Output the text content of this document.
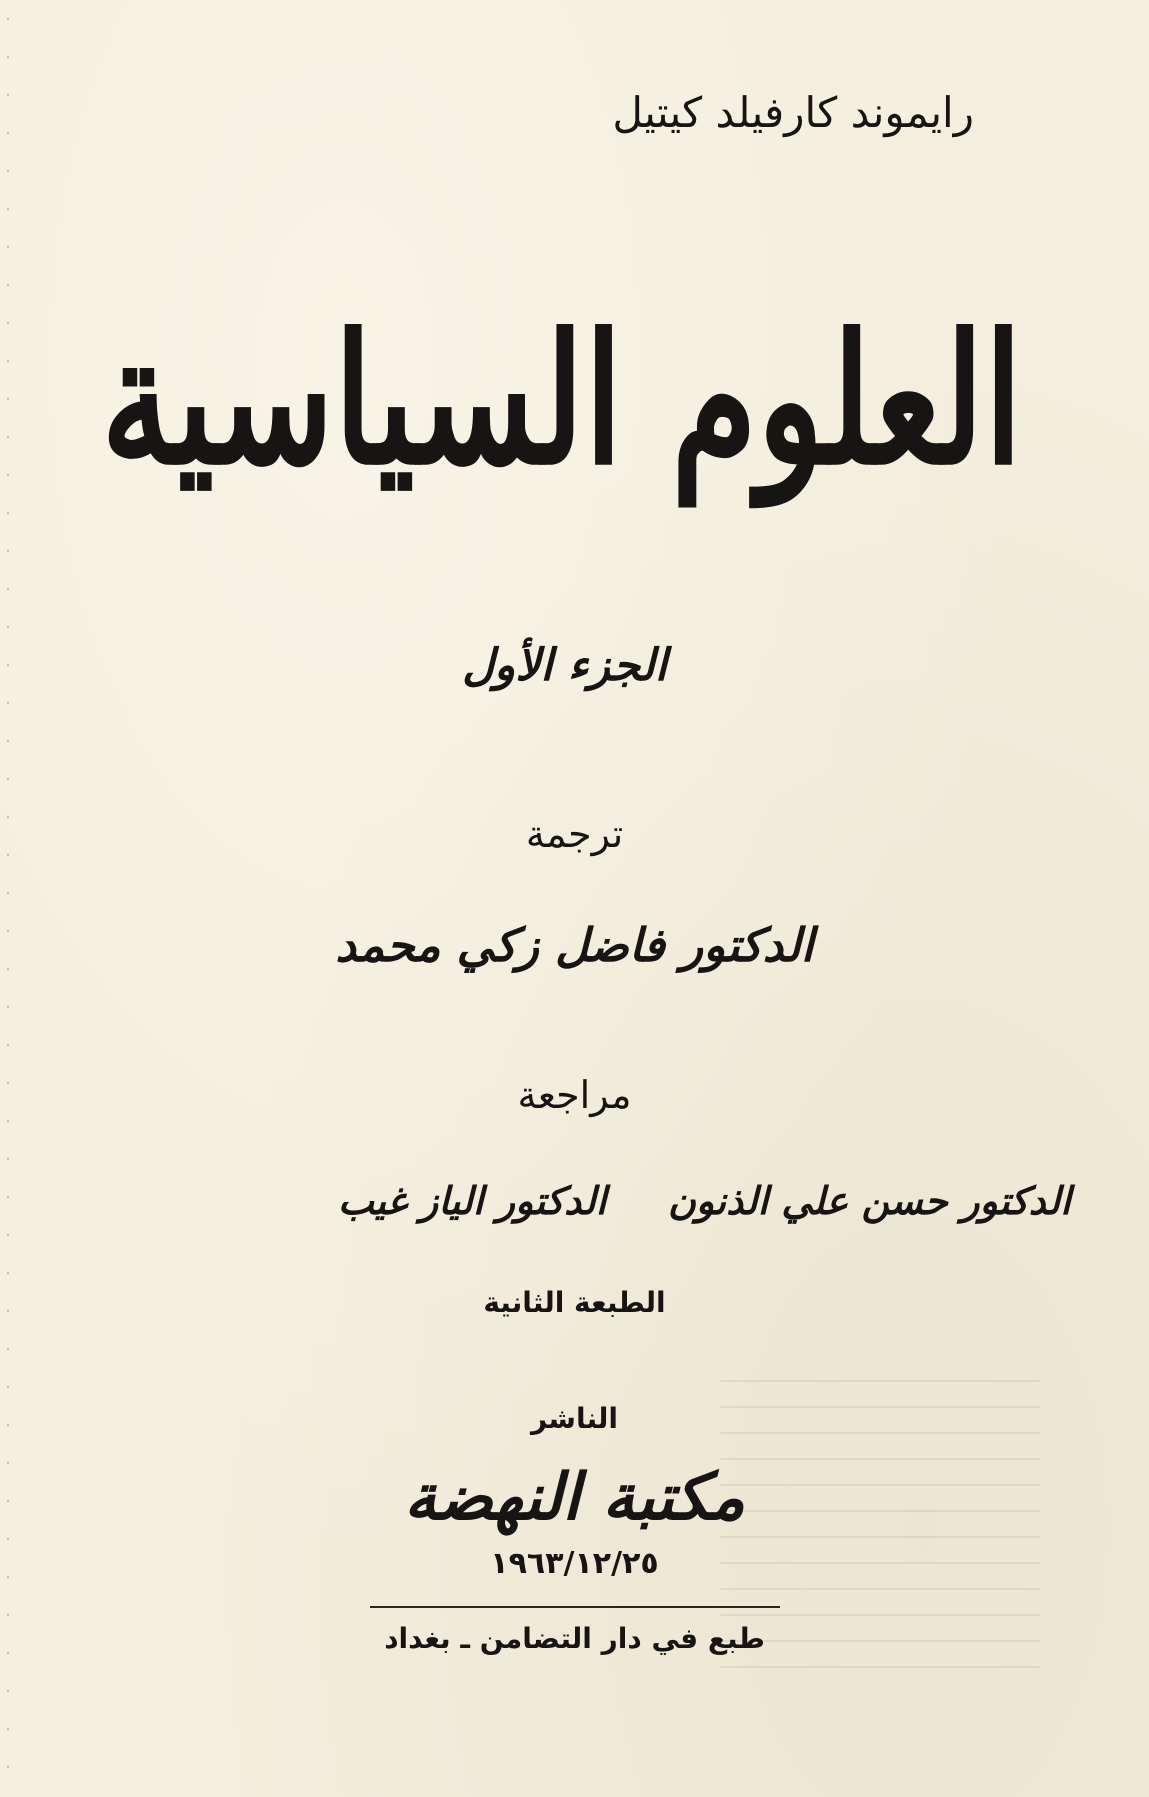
رايموند كارفيلد كيتيل
العلوم السياسية
الجزء الأول
ترجمة
الدكتور فاضل زكي محمد
مراجعة
الدكتور حسن علي الذنون
الدكتور الياز غيب
الطبعة الثانية
الناشر
مكتبة النهضة
١٩٦٣/١٢/٢٥
طبع في دار التضامن ـ بغداد
